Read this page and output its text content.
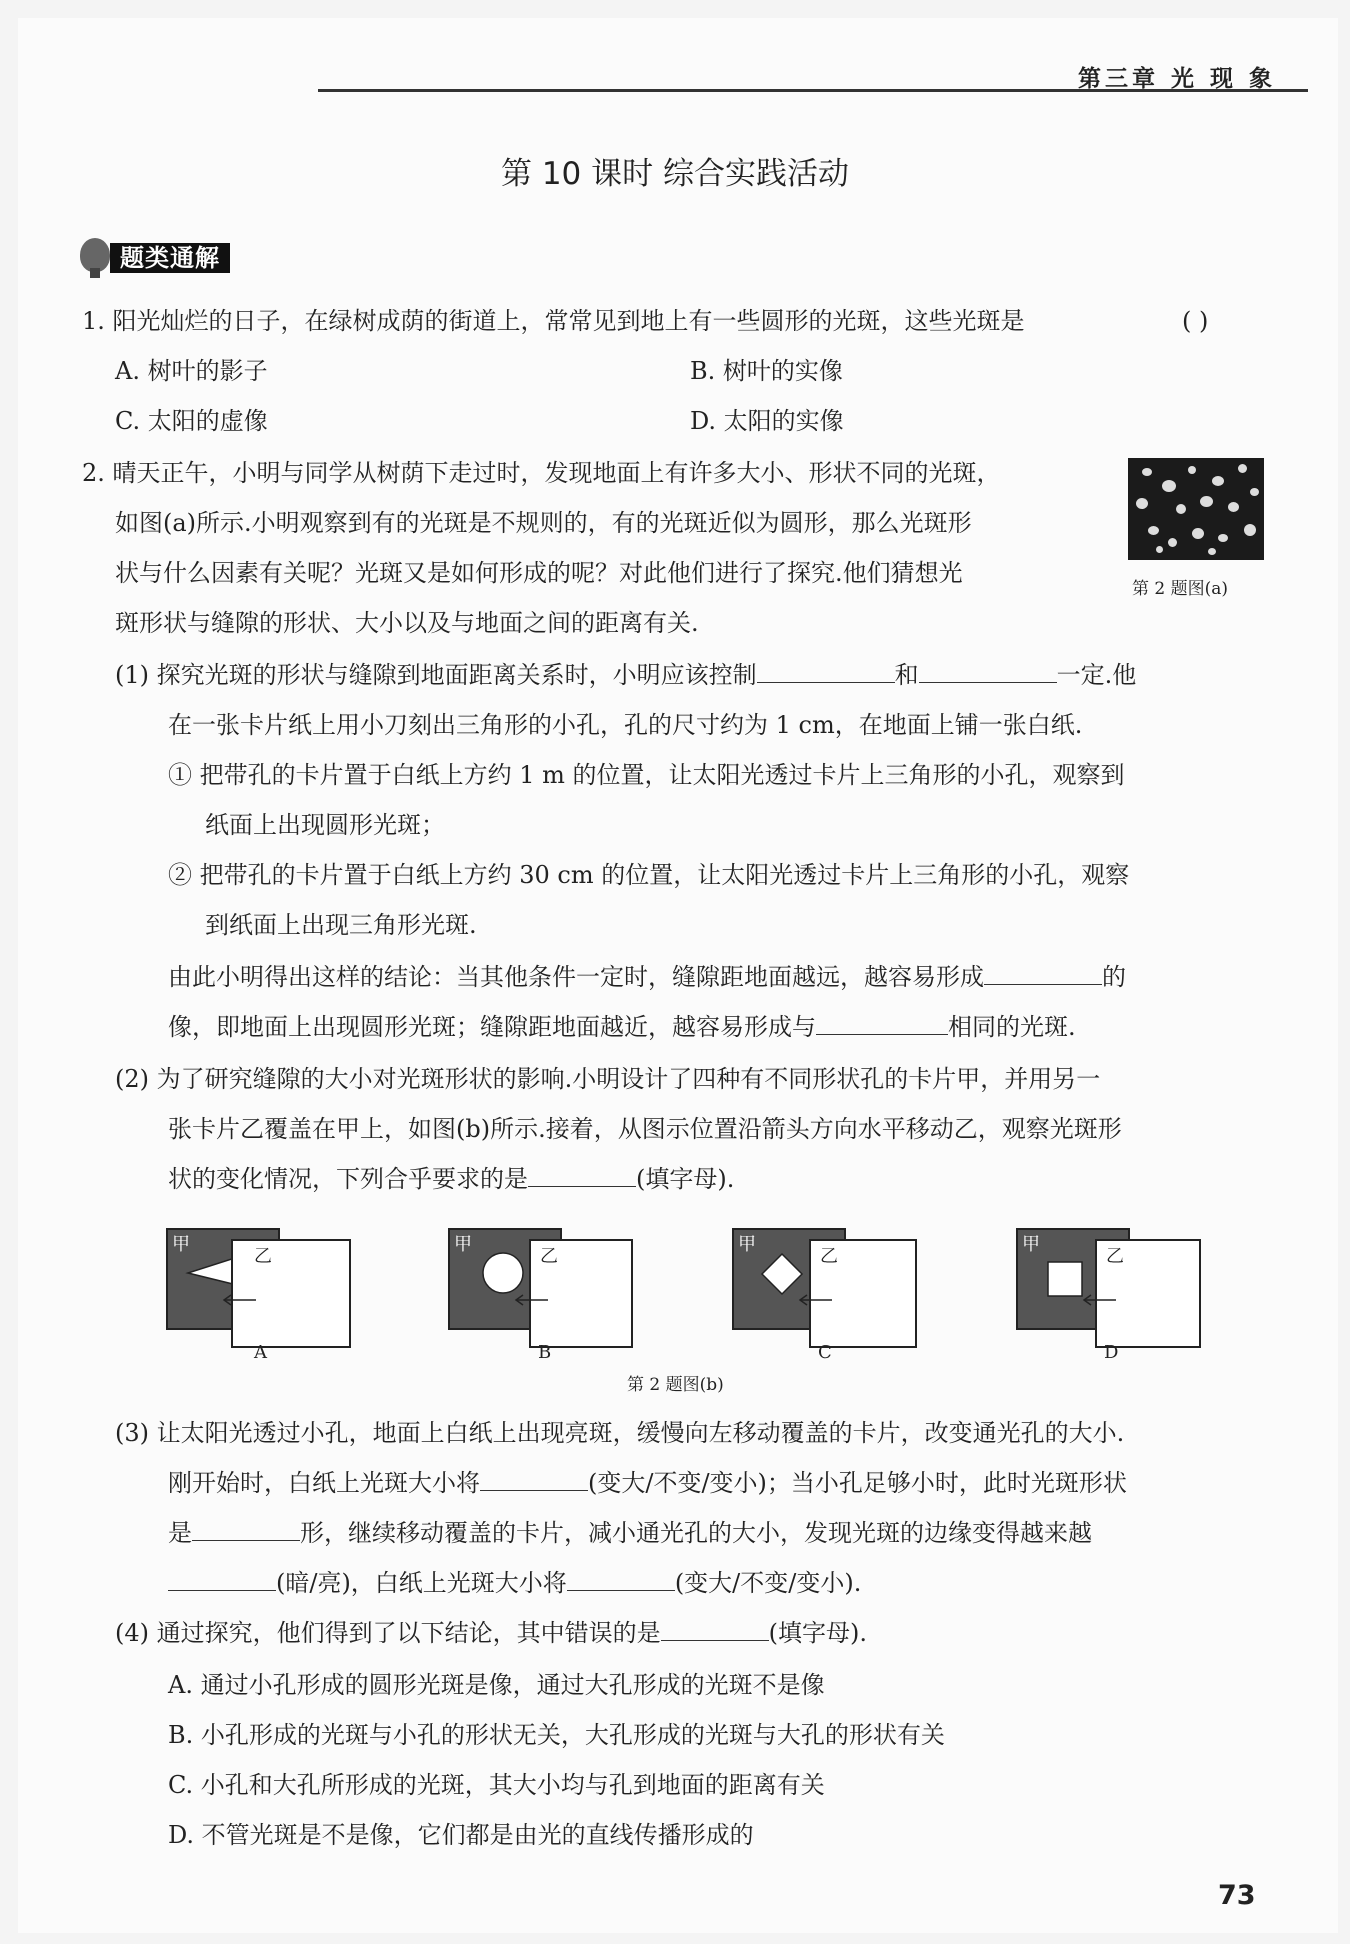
第三章 光 现 象
第 10 课时 综合实践活动
题类通解
1. 阳光灿烂的日子，在绿树成荫的街道上，常常见到地上有一些圆形的光斑，这些光斑是	( )
A. 树叶的影子	B. 树叶的实像
C. 太阳的虚像	D. 太阳的实像
2. 晴天正午，小明与同学从树荫下走过时，发现地面上有许多大小、形状不同的光斑，
如图(a)所示.小明观察到有的光斑是不规则的，有的光斑近似为圆形，那么光斑形
状与什么因素有关呢？光斑又是如何形成的呢？对此他们进行了探究.他们猜想光
斑形状与缝隙的形状、大小以及与地面之间的距离有关.
第 2 题图(a)
(1) 探究光斑的形状与缝隙到地面距离关系时，小明应该控制	和	一定.他
在一张卡片纸上用小刀刻出三角形的小孔，孔的尺寸约为 1 cm，在地面上铺一张白纸.
① 把带孔的卡片置于白纸上方约 1 m 的位置，让太阳光透过卡片上三角形的小孔，观察到
纸面上出现圆形光斑；
② 把带孔的卡片置于白纸上方约 30 cm 的位置，让太阳光透过卡片上三角形的小孔，观察
到纸面上出现三角形光斑.
由此小明得出这样的结论：当其他条件一定时，缝隙距地面越远，越容易形成	的
像，即地面上出现圆形光斑；缝隙距地面越近，越容易形成与	相同的光斑.
(2) 为了研究缝隙的大小对光斑形状的影响.小明设计了四种有不同形状孔的卡片甲，并用另一
张卡片乙覆盖在甲上，如图(b)所示.接着，从图示位置沿箭头方向水平移动乙，观察光斑形
状的变化情况，下列合乎要求的是	(填字母).
甲
乙
A
甲
乙
B
甲
乙
C
甲
乙
D
第 2 题图(b)
(3) 让太阳光透过小孔，地面上白纸上出现亮斑，缓慢向左移动覆盖的卡片，改变通光孔的大小.
刚开始时，白纸上光斑大小将	(变大/不变/变小)；当小孔足够小时，此时光斑形状
是	形，继续移动覆盖的卡片，减小通光孔的大小，发现光斑的边缘变得越来越
(暗/亮)，白纸上光斑大小将	(变大/不变/变小).
(4) 通过探究，他们得到了以下结论，其中错误的是	(填字母).
A. 通过小孔形成的圆形光斑是像，通过大孔形成的光斑不是像
B. 小孔形成的光斑与小孔的形状无关，大孔形成的光斑与大孔的形状有关
C. 小孔和大孔所形成的光斑，其大小均与孔到地面的距离有关
D. 不管光斑是不是像，它们都是由光的直线传播形成的
73
